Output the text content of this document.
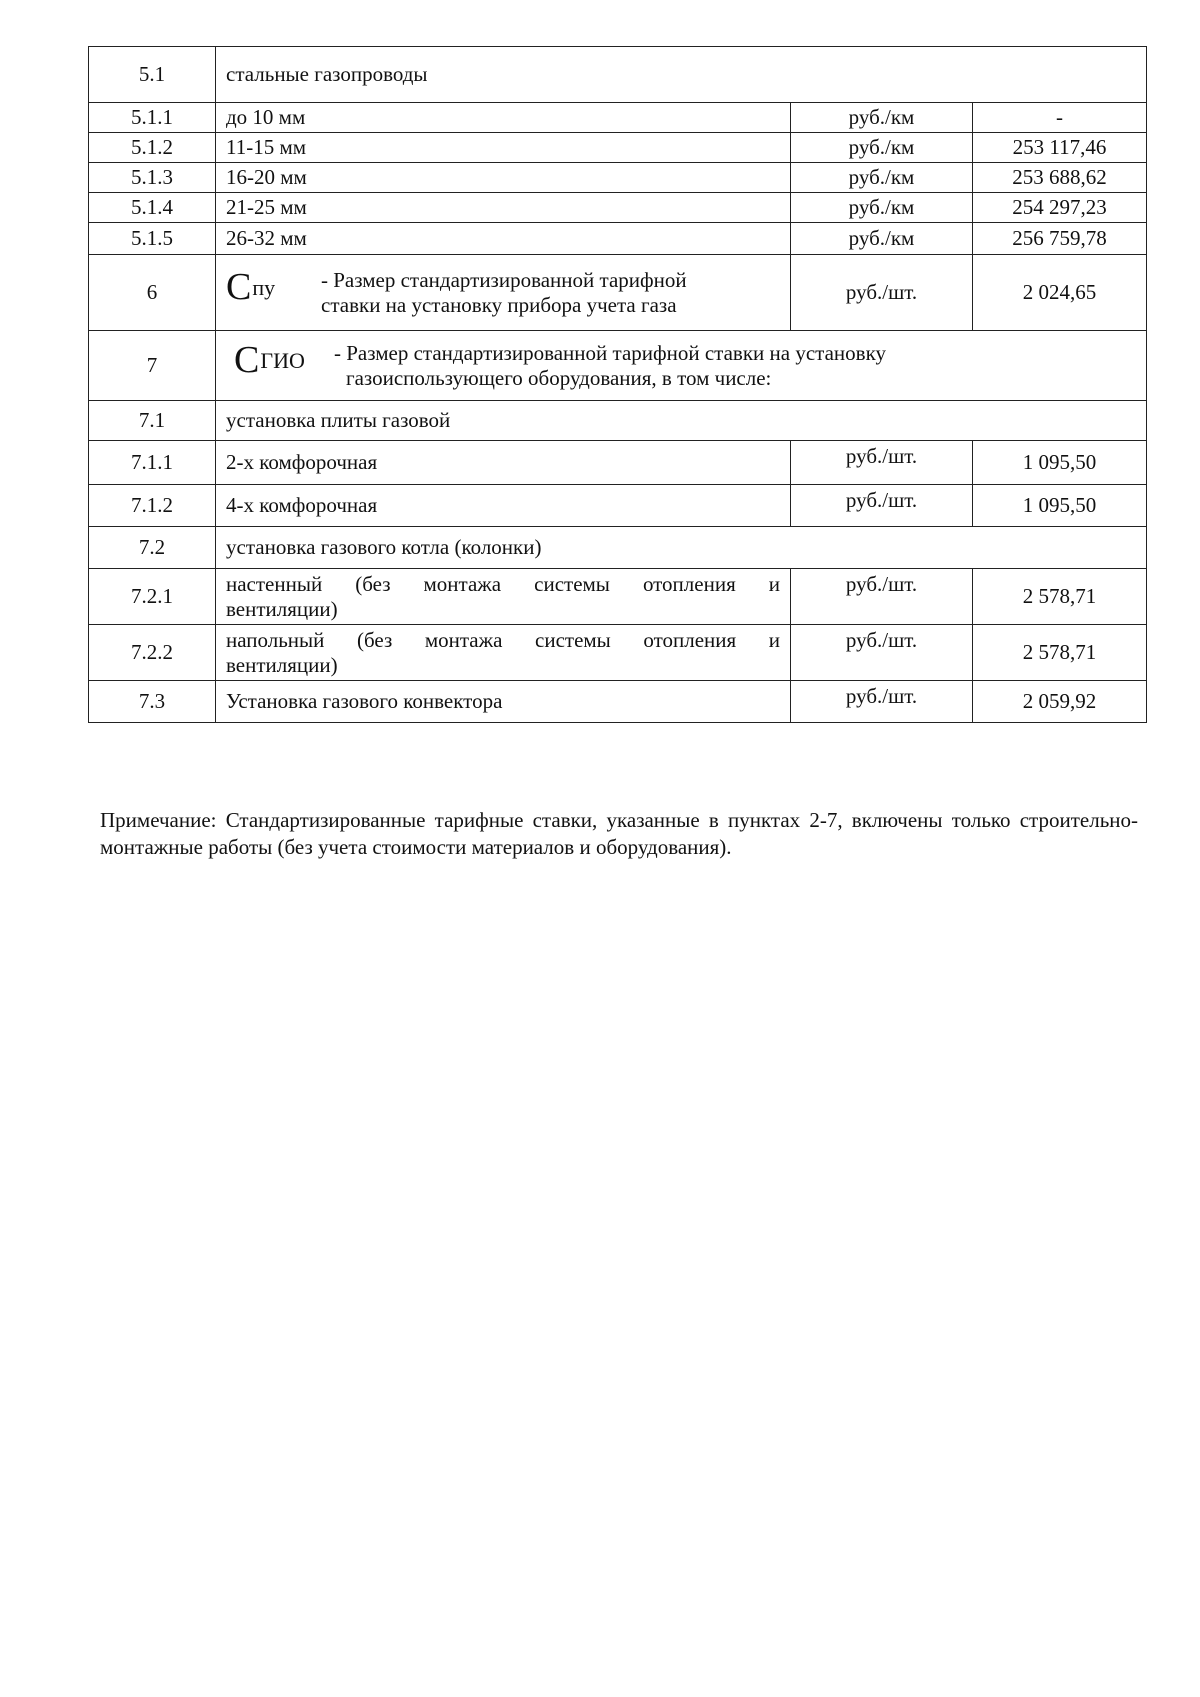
5.1	стальные газопроводы		
5.1.1	до 10 мм	руб./км	-
5.1.2	11-15 мм	руб./км	253 117,46
5.1.3	16-20 мм	руб./км	253 688,62
5.1.4	21-25 мм	руб./км	254 297,23
5.1.5	26-32 мм	руб./км	256 759,78
6	Спу - Размер стандартизированной тарифной
ставки на установку прибора учета газа	руб./шт.	2 024,65
7	СГИО - Размер стандартизированной тарифной ставки на установку
газоиспользующего оборудования, в том числе:		

7.1	установка плиты газовой		
7.1.1	2-х комфорочная	руб./шт.	1 095,50
7.1.2	4-х комфорочная	руб./шт.	1 095,50
7.2	установка газового котла (колонки)		
7.2.1	настенный (без монтажа системы отопления и
вентиляции)	руб./шт.	2 578,71
7.2.2	напольный (без монтажа системы отопления и
вентиляции)	руб./шт.	2 578,71
7.3	Установка газового конвектора	руб./шт.	2 059,92

Примечание: Стандартизированные тарифные ставки, указанные в пунктах 2-7, включены только строительно-монтажные работы (без учета стоимости материалов и оборудования).
